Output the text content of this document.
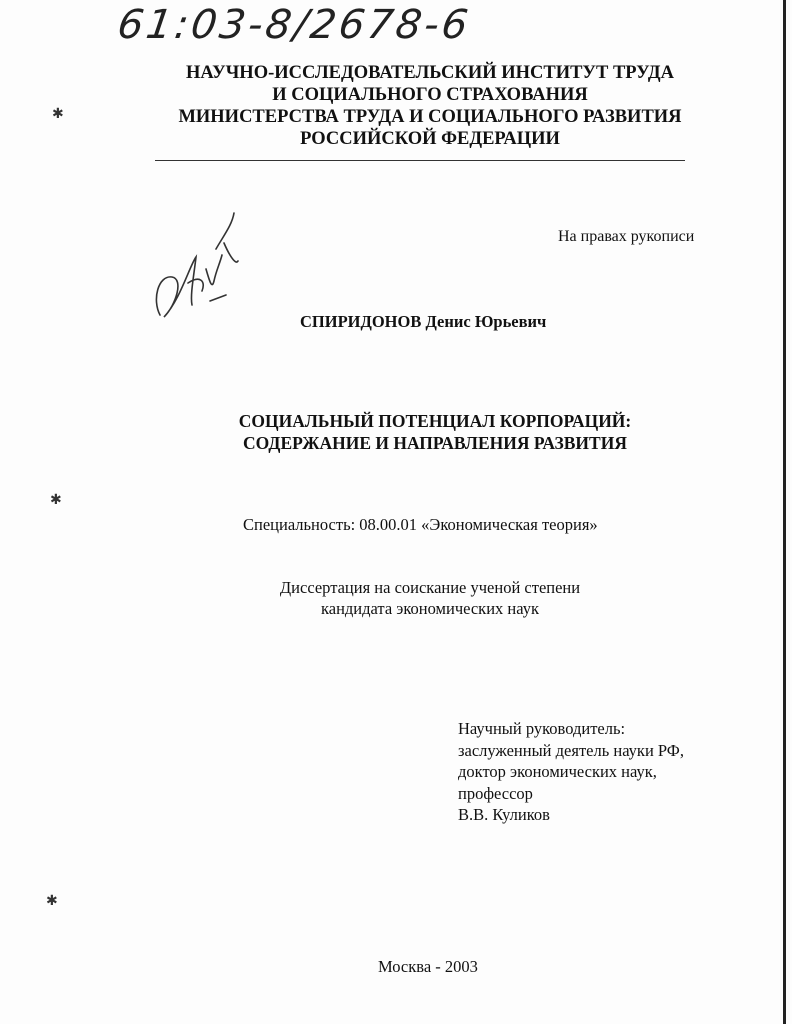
61:03-8/2678-6
НАУЧНО-ИССЛЕДОВАТЕЛЬСКИЙ ИНСТИТУТ ТРУДА
И СОЦИАЛЬНОГО СТРАХОВАНИЯ
МИНИСТЕРСТВА ТРУДА И СОЦИАЛЬНОГО РАЗВИТИЯ
РОССИЙСКОЙ ФЕДЕРАЦИИ
На правах рукописи
СПИРИДОНОВ Денис Юрьевич
СОЦИАЛЬНЫЙ ПОТЕНЦИАЛ КОРПОРАЦИЙ:
СОДЕРЖАНИЕ И НАПРАВЛЕНИЯ РАЗВИТИЯ
Специальность: 08.00.01 «Экономическая теория»
Диссертация на соискание ученой степени
кандидата экономических наук
Научный руководитель:
заслуженный деятель науки РФ,
доктор экономических наук,
профессор
В.В. Куликов
Москва - 2003
✱
✱
✱
